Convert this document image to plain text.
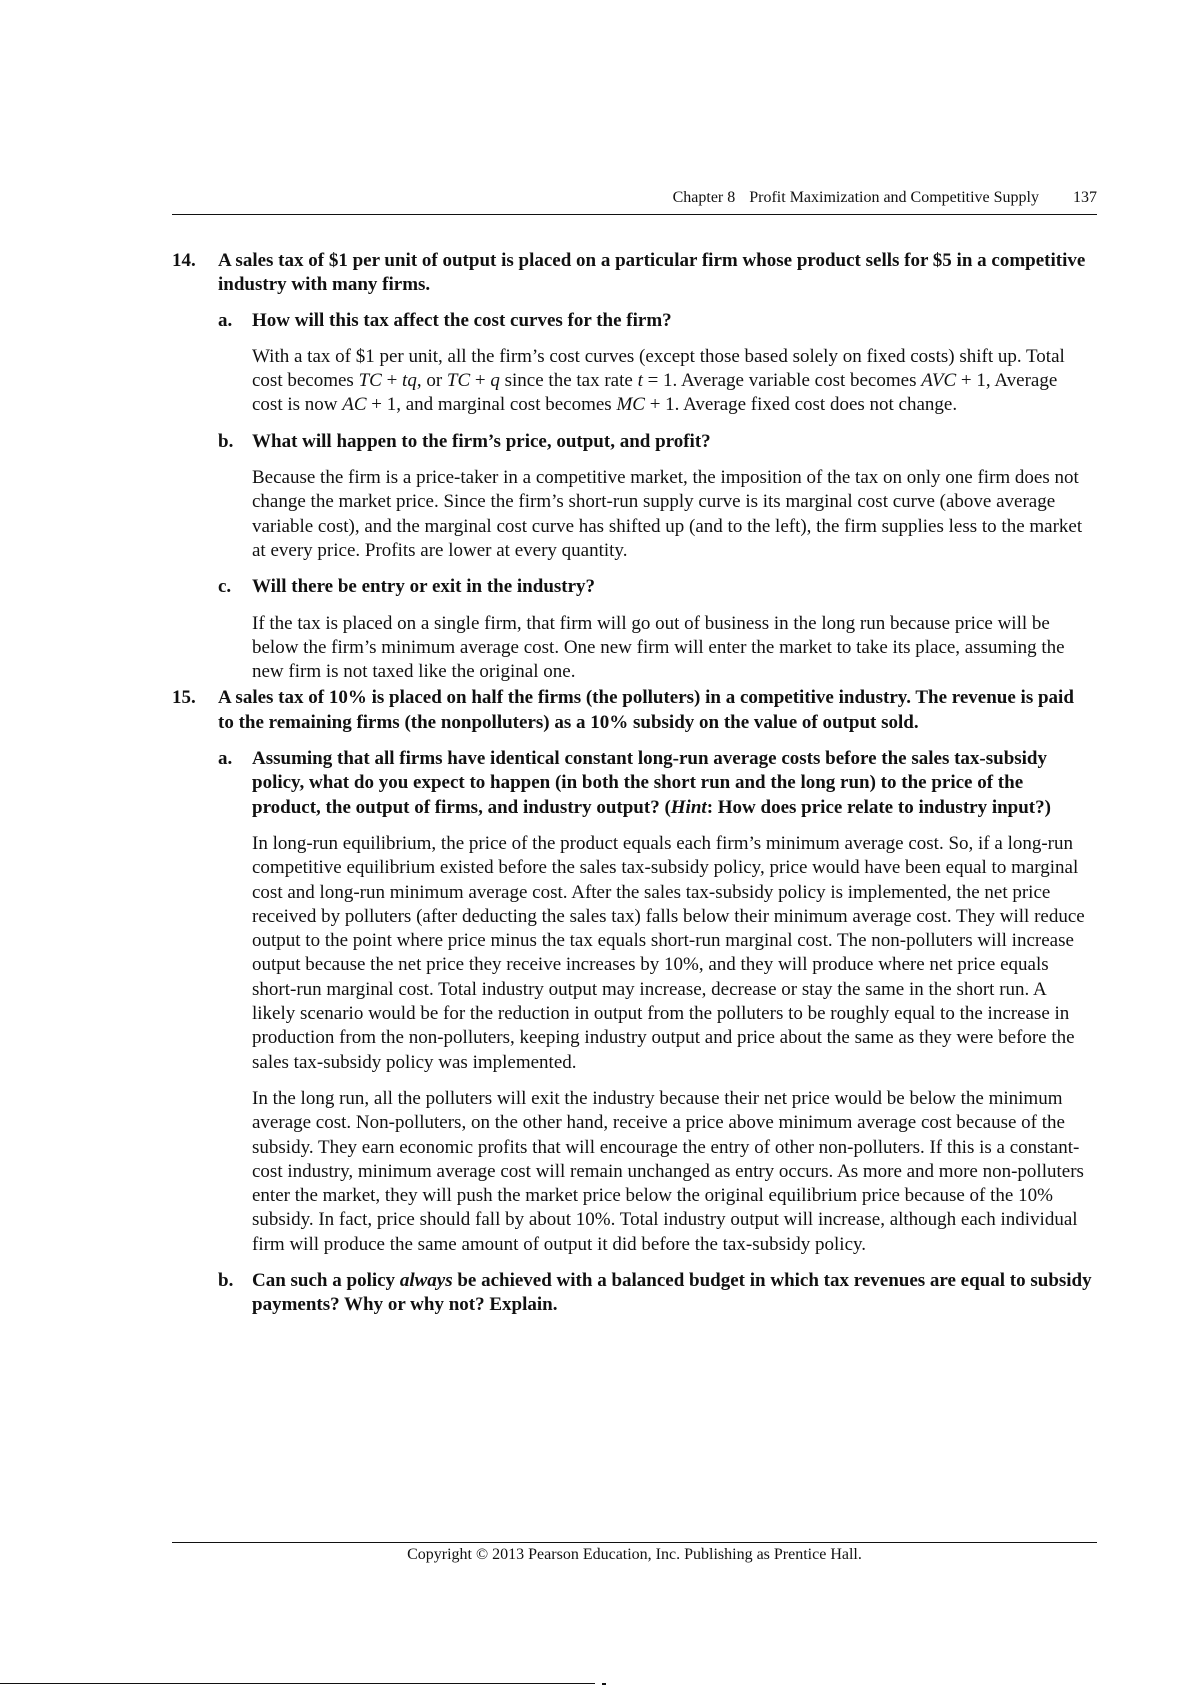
Chapter 8 Profit Maximization and Competitive Supply 137
14. A sales tax of $1 per unit of output is placed on a particular firm whose product sells for $5 in a competitive industry with many firms.
a. How will this tax affect the cost curves for the firm?
With a tax of $1 per unit, all the firm’s cost curves (except those based solely on fixed costs) shift up. Total cost becomes TC + tq, or TC + q since the tax rate t = 1. Average variable cost becomes AVC + 1, Average cost is now AC + 1, and marginal cost becomes MC + 1. Average fixed cost does not change.
b. What will happen to the firm’s price, output, and profit?
Because the firm is a price-taker in a competitive market, the imposition of the tax on only one firm does not change the market price. Since the firm’s short-run supply curve is its marginal cost curve (above average variable cost), and the marginal cost curve has shifted up (and to the left), the firm supplies less to the market at every price. Profits are lower at every quantity.
c. Will there be entry or exit in the industry?
If the tax is placed on a single firm, that firm will go out of business in the long run because price will be below the firm’s minimum average cost. One new firm will enter the market to take its place, assuming the new firm is not taxed like the original one.
15. A sales tax of 10% is placed on half the firms (the polluters) in a competitive industry. The revenue is paid to the remaining firms (the nonpolluters) as a 10% subsidy on the value of output sold.
a. Assuming that all firms have identical constant long-run average costs before the sales tax-subsidy policy, what do you expect to happen (in both the short run and the long run) to the price of the product, the output of firms, and industry output? (Hint: How does price relate to industry input?)
In long-run equilibrium, the price of the product equals each firm’s minimum average cost. So, if a long-run competitive equilibrium existed before the sales tax-subsidy policy, price would have been equal to marginal cost and long-run minimum average cost. After the sales tax-subsidy policy is implemented, the net price received by polluters (after deducting the sales tax) falls below their minimum average cost. They will reduce output to the point where price minus the tax equals short-run marginal cost. The non-polluters will increase output because the net price they receive increases by 10%, and they will produce where net price equals short-run marginal cost. Total industry output may increase, decrease or stay the same in the short run. A likely scenario would be for the reduction in output from the polluters to be roughly equal to the increase in production from the non-polluters, keeping industry output and price about the same as they were before the sales tax-subsidy policy was implemented.
In the long run, all the polluters will exit the industry because their net price would be below the minimum average cost. Non-polluters, on the other hand, receive a price above minimum average cost because of the subsidy. They earn economic profits that will encourage the entry of other non-polluters. If this is a constant-cost industry, minimum average cost will remain unchanged as entry occurs. As more and more non-polluters enter the market, they will push the market price below the original equilibrium price because of the 10% subsidy. In fact, price should fall by about 10%. Total industry output will increase, although each individual firm will produce the same amount of output it did before the tax-subsidy policy.
b. Can such a policy always be achieved with a balanced budget in which tax revenues are equal to subsidy payments? Why or why not? Explain.
Copyright © 2013 Pearson Education, Inc. Publishing as Prentice Hall.
